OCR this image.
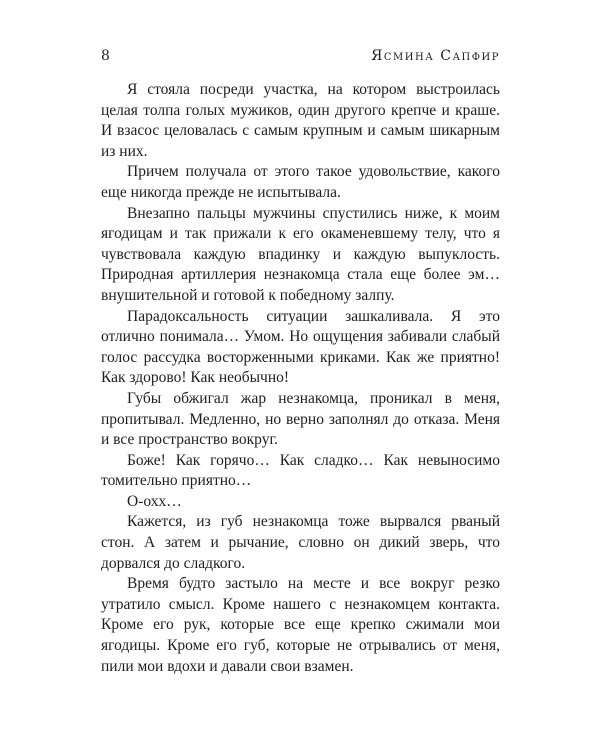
8	Ясмина Сапфир

Я стояла посреди участка, на котором выстроилась целая толпа голых мужиков, один другого крепче и краше. И взасос целовалась с самым крупным и самым шикарным из них.

Причем получала от этого такое удовольствие, какого еще никогда прежде не испытывала.

Внезапно пальцы мужчины спустились ниже, к моим ягодицам и так прижали к его окаменевшему телу, что я чувствовала каждую впадинку и каждую выпуклость. Природная артиллерия незнакомца стала еще более эм… внушительной и готовой к победному залпу.

Парадоксальность ситуации зашкаливала. Я это отлично понимала… Умом. Но ощущения забивали слабый голос рассудка восторженными криками. Как же приятно! Как здорово! Как необычно!

Губы обжигал жар незнакомца, проникал в меня, пропитывал. Медленно, но верно заполнял до отказа. Меня и все пространство вокруг.

Боже! Как горячо… Как сладко… Как невыносимо томительно приятно…

О-охх…

Кажется, из губ незнакомца тоже вырвался рваный стон. А затем и рычание, словно он дикий зверь, что дорвался до сладкого.

Время будто застыло на месте и все вокруг резко утратило смысл. Кроме нашего с незнакомцем контакта. Кроме его рук, которые все еще крепко сжимали мои ягодицы. Кроме его губ, которые не отрывались от меня, пили мои вдохи и давали свои взамен.
